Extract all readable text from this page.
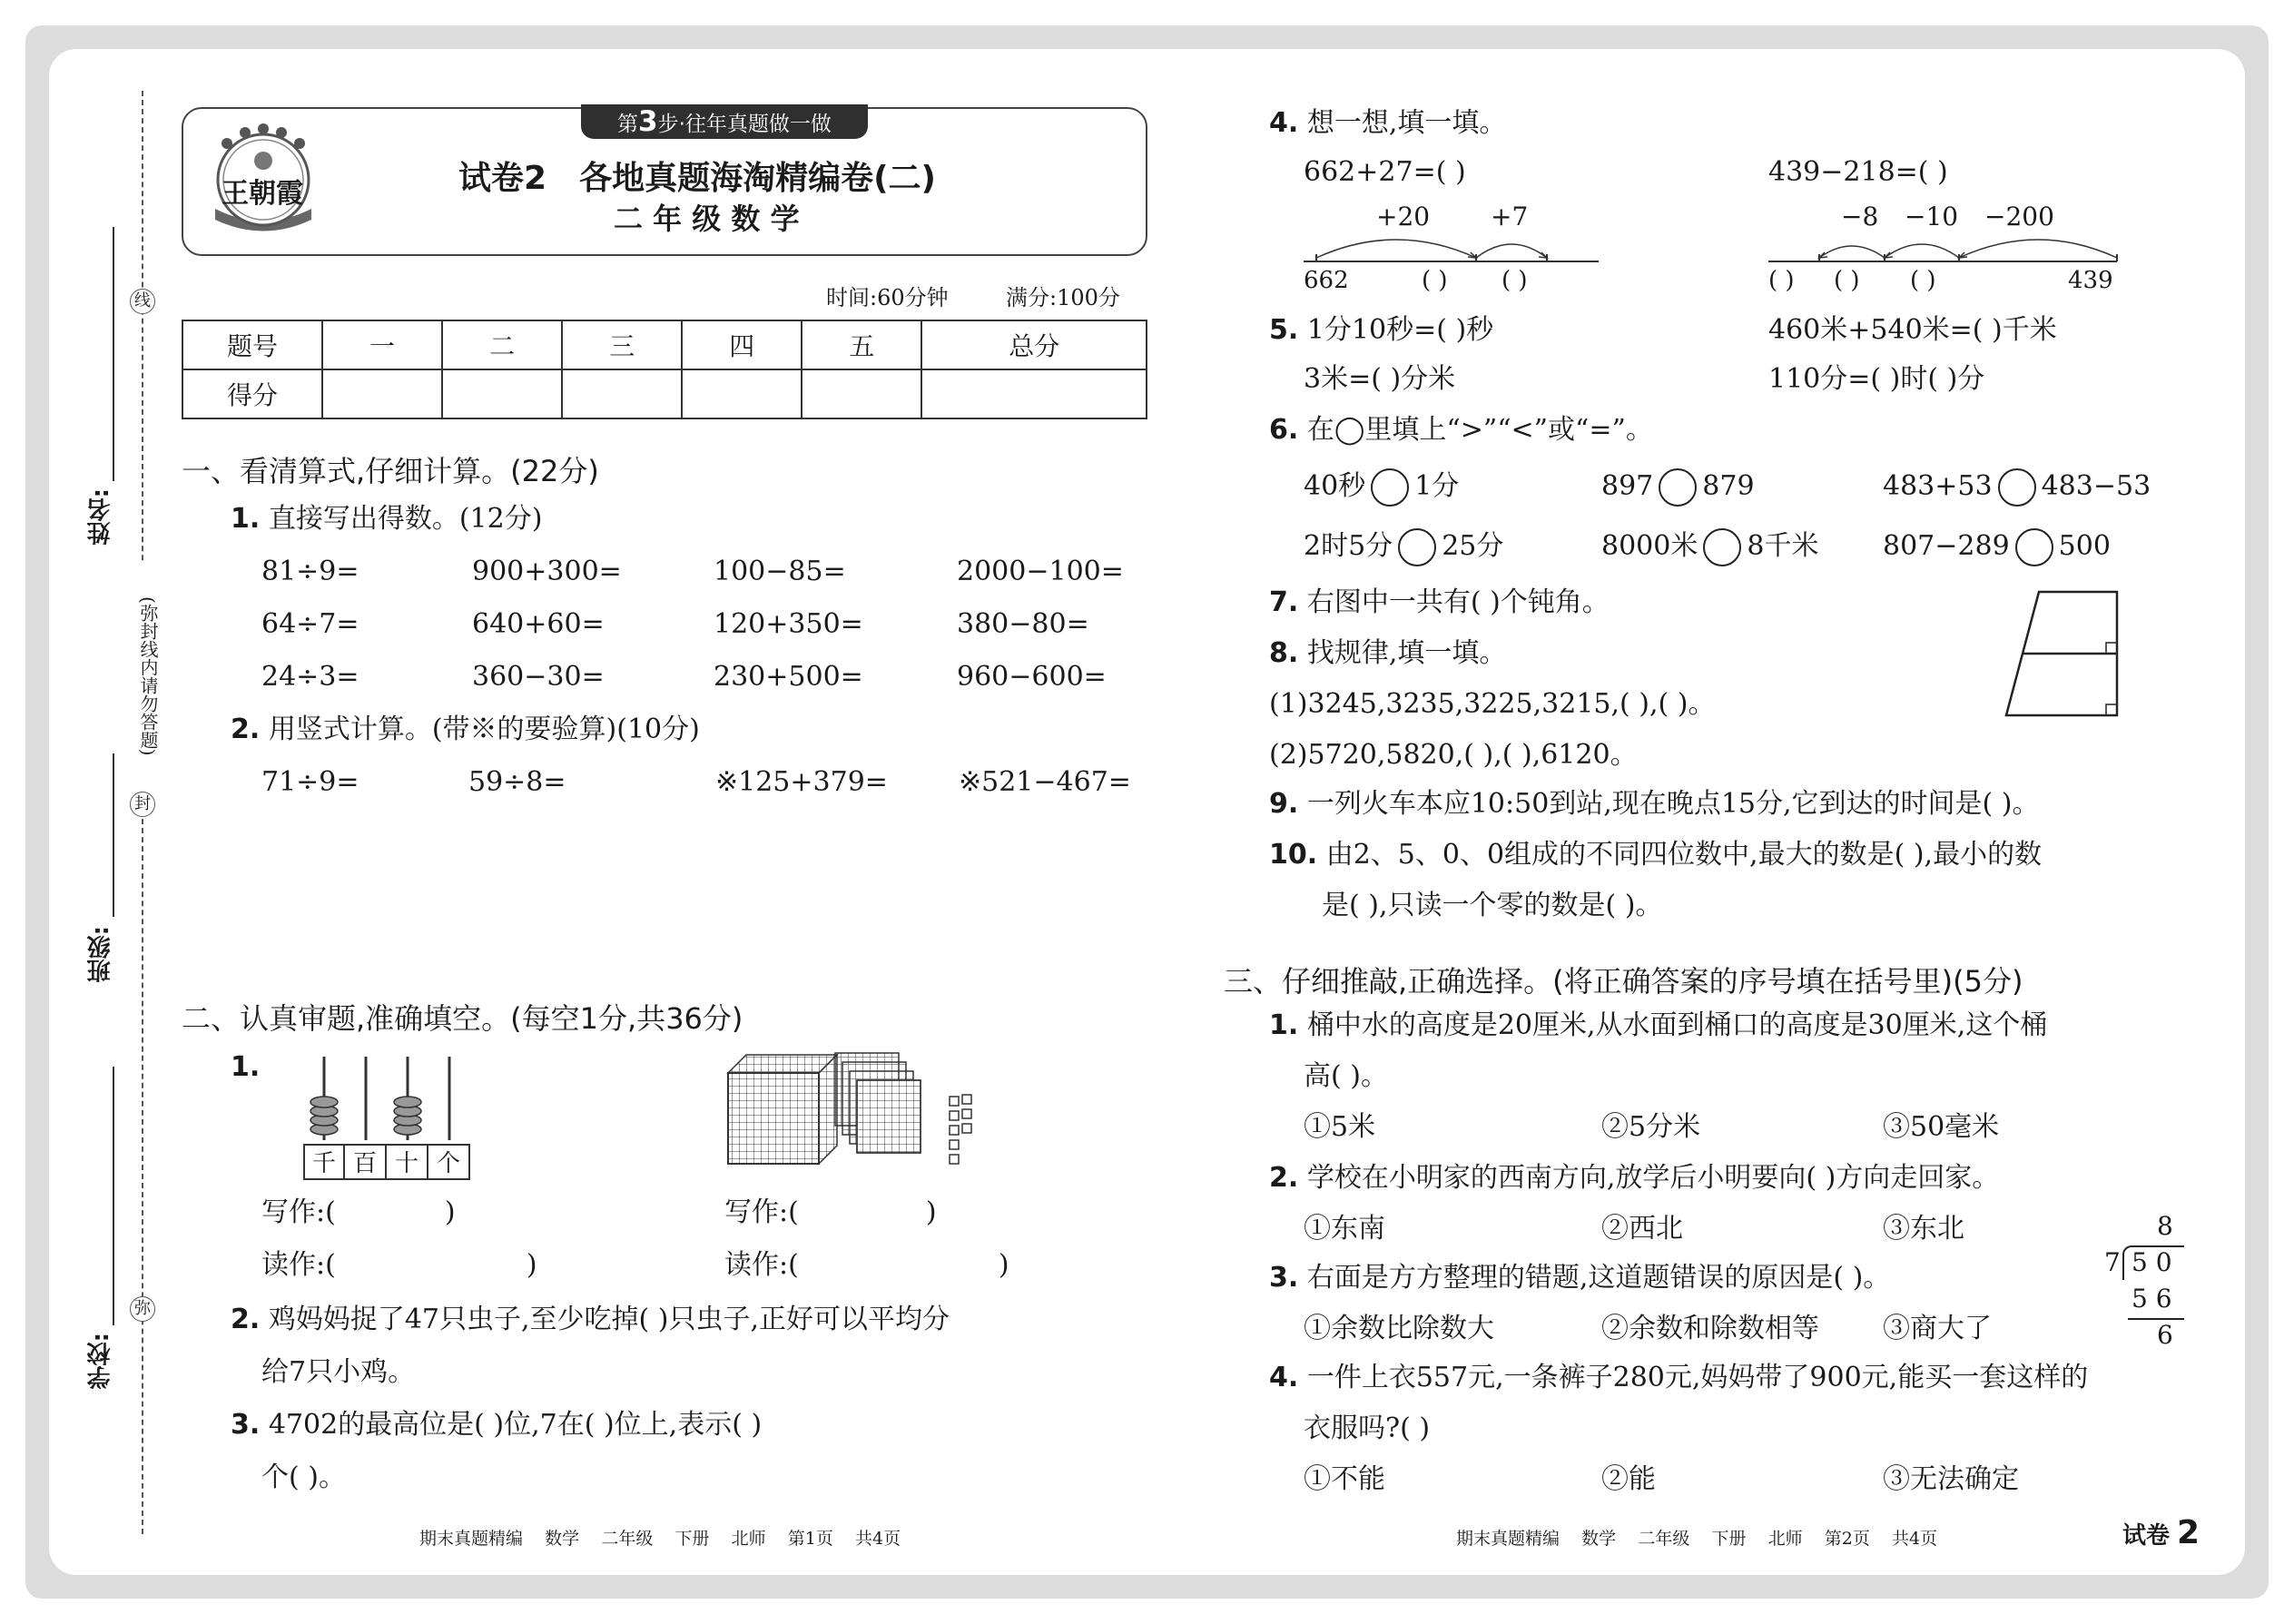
线
封
弥
(弥封线内请勿答题)
学校:
班级:
姓名:
第3步·往年真题做一做
王朝霞	试卷2 各地真题海淘精编卷(二)
二 年 级 数 学
时间:60分钟	满分:100分
题号	一	二	三	四	五	总分
得分						
一、看清算式,仔细计算。(22分)
1. 直接写出得数。(12分)
81÷9=	900+300=	100−85=	2000−100=
64÷7=	640+60=	120+350=	380−80=
24÷3=	360−30=	230+500=	960−600=
2. 用竖式计算。(带※的要验算)(10分)
71÷9=	59÷8=	※125+379=	※521−467=
二、认真审题,准确填空。(每空1分,共36分)
1.
千 百 十 个
写作:(	)
读作:(	)
写作:(	)
读作:(	)
2. 鸡妈妈捉了47只虫子,至少吃掉( )只虫子,正好可以平均分
给7只小鸡。
3. 4702的最高位是( )位,7在( )位上,表示( )
个( )。
4. 想一想,填一填。
662+27=( )	439−218=( )
+20 +7
662	( ) ( )
−8 −10 −200
( ) ( ) ( )	439
5. 1分10秒=( )秒	460米+540米=( )千米
3米=( )分米	110分=( )时( )分
6. 在◯里填上“>”“<”或“=”。
40秒 1分	897 879	483+53 483−53
2时5分 25分	8000米 8千米 807−289 500
7. 右图中一共有( )个钝角。
8. 找规律,填一填。
(1)3245,3235,3225,3215,( ),( )。
(2)5720,5820,( ),( ),6120。
9. 一列火车本应10:50到站,现在晚点15分,它到达的时间是( )。
10. 由2、5、0、0组成的不同四位数中,最大的数是( ),最小的数
是( ),只读一个零的数是( )。
三、仔细推敲,正确选择。(将正确答案的序号填在括号里)(5分)
1. 桶中水的高度是20厘米,从水面到桶口的高度是30厘米,这个桶
高( )。
①5米	②5分米	③50毫米
2. 学校在小明家的西南方向,放学后小明要向( )方向走回家。
①东南	②西北	③东北
3. 右面是方方整理的错题,这道题错误的原因是( )。
①余数比除数大	②余数和除数相等 ③商大了
8
7 5 0
5 6
6
4. 一件上衣557元,一条裤子280元,妈妈带了900元,能买一套这样的
衣服吗?( )
①不能	②能	③无法确定
期末真题精编    数学    二年级    下册    北师    第1页    共4页	期末真题精编    数学    二年级    下册    北师    第2页    共4页	试卷 2
